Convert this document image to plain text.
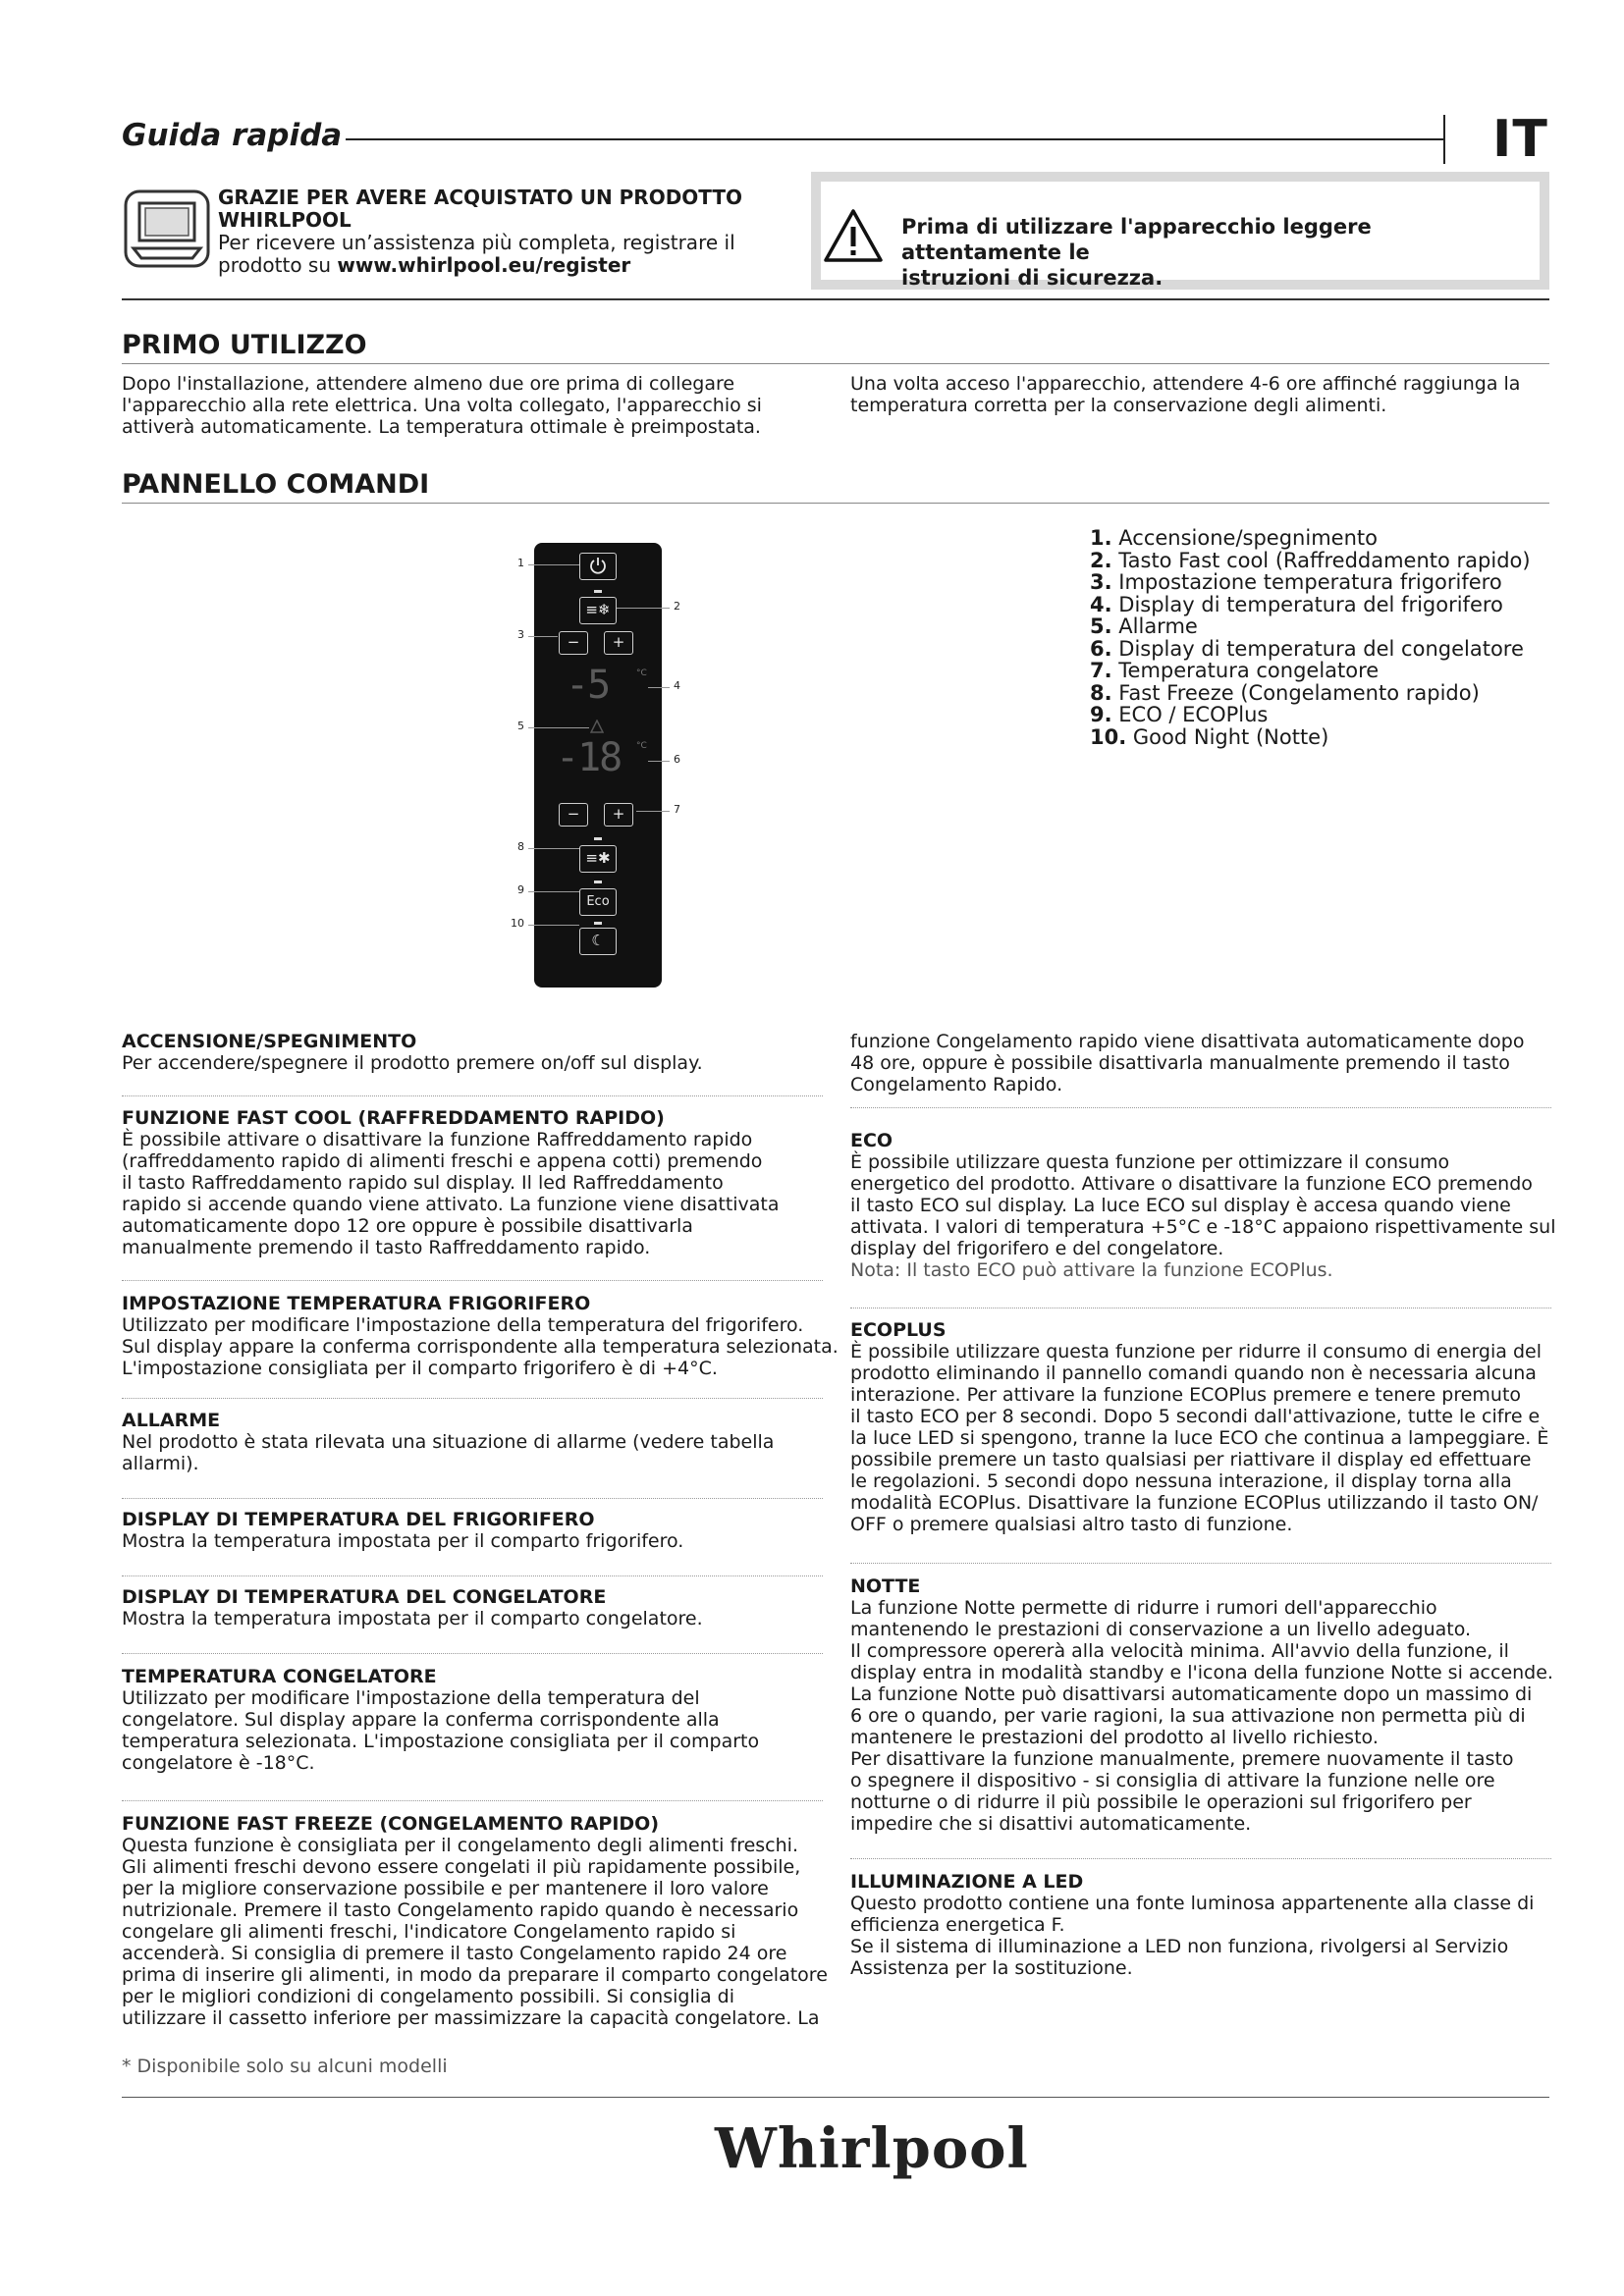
Guida rapida	IT
GRAZIE PER AVERE ACQUISTATO UN PRODOTTO
WHIRLPOOL
Per ricevere un’assistenza più completa, registrare il
prodotto su www.whirlpool.eu/register
Prima di utilizzare l'apparecchio leggere attentamente le
istruzioni di sicurezza.
PRIMO UTILIZZO
Dopo l'installazione, attendere almeno due ore prima di collegare
l'apparecchio alla rete elettrica. Una volta collegato, l'apparecchio si
attiverà automaticamente. La temperatura ottimale è preimpostata.
Una volta acceso l'apparecchio, attendere 4-6 ore affinché raggiunga la
temperatura corretta per la conservazione degli alimenti.
PANNELLO COMANDI
≡❄
−	+
-5	°C
-18 °C
−	+
≡✱
Eco
☾
1
2
3
4
5
6
7
8
9
10
1. Accensione/spegnimento
2. Tasto Fast cool (Raffreddamento rapido)
3. Impostazione temperatura frigorifero
4. Display di temperatura del frigorifero
5. Allarme
6. Display di temperatura del congelatore
7. Temperatura congelatore
8. Fast Freeze (Congelamento rapido)
9. ECO / ECOPlus
10. Good Night (Notte)
ACCENSIONE/SPEGNIMENTO
Per accendere/spegnere il prodotto premere on/off sul display.
FUNZIONE FAST COOL (RAFFREDDAMENTO RAPIDO)
È possibile attivare o disattivare la funzione Raffreddamento rapido
(raffreddamento rapido di alimenti freschi e appena cotti) premendo
il tasto Raffreddamento rapido sul display. Il led Raffreddamento
rapido si accende quando viene attivato. La funzione viene disattivata
automaticamente dopo 12 ore oppure è possibile disattivarla
manualmente premendo il tasto Raffreddamento rapido.
IMPOSTAZIONE TEMPERATURA FRIGORIFERO
Utilizzato per modificare l'impostazione della temperatura del frigorifero.
Sul display appare la conferma corrispondente alla temperatura selezionata.
L'impostazione consigliata per il comparto frigorifero è di +4°C.
ALLARME
Nel prodotto è stata rilevata una situazione di allarme (vedere tabella
allarmi).
DISPLAY DI TEMPERATURA DEL FRIGORIFERO
Mostra la temperatura impostata per il comparto frigorifero.
DISPLAY DI TEMPERATURA DEL CONGELATORE
Mostra la temperatura impostata per il comparto congelatore.
TEMPERATURA CONGELATORE
Utilizzato per modificare l'impostazione della temperatura del
congelatore. Sul display appare la conferma corrispondente alla
temperatura selezionata. L'impostazione consigliata per il comparto
congelatore è -18°C.
FUNZIONE FAST FREEZE (CONGELAMENTO RAPIDO)
Questa funzione è consigliata per il congelamento degli alimenti freschi.
Gli alimenti freschi devono essere congelati il più rapidamente possibile,
per la migliore conservazione possibile e per mantenere il loro valore
nutrizionale. Premere il tasto Congelamento rapido quando è necessario
congelare gli alimenti freschi, l'indicatore Congelamento rapido si
accenderà. Si consiglia di premere il tasto Congelamento rapido 24 ore
prima di inserire gli alimenti, in modo da preparare il comparto congelatore
per le migliori condizioni di congelamento possibili. Si consiglia di
utilizzare il cassetto inferiore per massimizzare la capacità congelatore. La
funzione Congelamento rapido viene disattivata automaticamente dopo
48 ore, oppure è possibile disattivarla manualmente premendo il tasto
Congelamento Rapido.
ECO
È possibile utilizzare questa funzione per ottimizzare il consumo
energetico del prodotto. Attivare o disattivare la funzione ECO premendo
il tasto ECO sul display. La luce ECO sul display è accesa quando viene
attivata. I valori di temperatura +5°C e -18°C appaiono rispettivamente sul
display del frigorifero e del congelatore.
Nota: Il tasto ECO può attivare la funzione ECOPlus.
ECOPLUS
È possibile utilizzare questa funzione per ridurre il consumo di energia del
prodotto eliminando il pannello comandi quando non è necessaria alcuna
interazione. Per attivare la funzione ECOPlus premere e tenere premuto
il tasto ECO per 8 secondi. Dopo 5 secondi dall'attivazione, tutte le cifre e
la luce LED si spengono, tranne la luce ECO che continua a lampeggiare. È
possibile premere un tasto qualsiasi per riattivare il display ed effettuare
le regolazioni. 5 secondi dopo nessuna interazione, il display torna alla
modalità ECOPlus. Disattivare la funzione ECOPlus utilizzando il tasto ON/
OFF o premere qualsiasi altro tasto di funzione.
NOTTE
La funzione Notte permette di ridurre i rumori dell'apparecchio
mantenendo le prestazioni di conservazione a un livello adeguato.
Il compressore opererà alla velocità minima. All'avvio della funzione, il
display entra in modalità standby e l'icona della funzione Notte si accende.
La funzione Notte può disattivarsi automaticamente dopo un massimo di
6 ore o quando, per varie ragioni, la sua attivazione non permetta più di
mantenere le prestazioni del prodotto al livello richiesto.
Per disattivare la funzione manualmente, premere nuovamente il tasto
o spegnere il dispositivo - si consiglia di attivare la funzione nelle ore
notturne o di ridurre il più possibile le operazioni sul frigorifero per
impedire che si disattivi automaticamente.
ILLUMINAZIONE A LED
Questo prodotto contiene una fonte luminosa appartenente alla classe di
efficienza energetica F.
Se il sistema di illuminazione a LED non funziona, rivolgersi al Servizio
Assistenza per la sostituzione.
* Disponibile solo su alcuni modelli
Whirlpool
